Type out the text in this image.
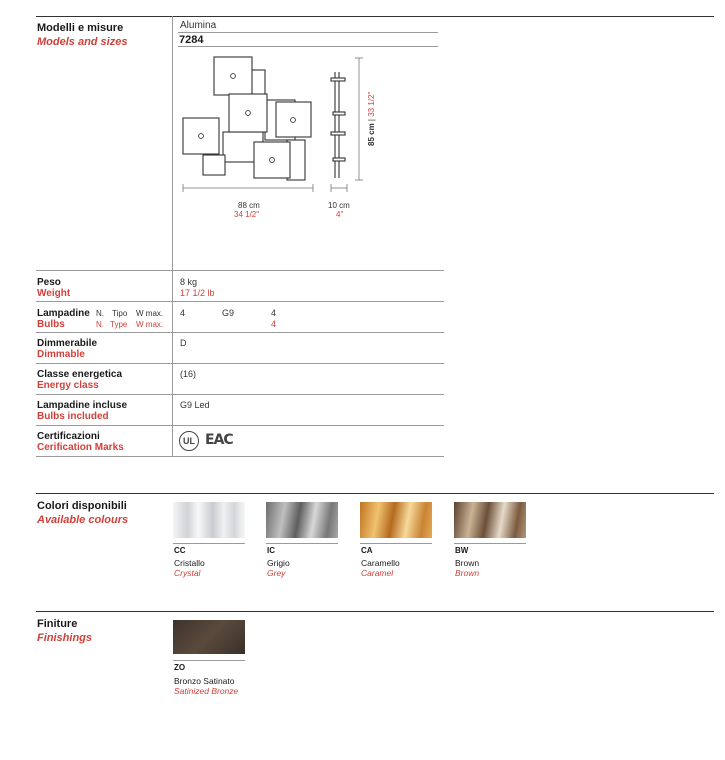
Modelli e misure
Models and sizes
Alumina
7284
88 cm
34 1/2"
10 cm
4"
85 cm | 33 1/2"
Peso
Weight
8 kg
17 1/2 lb
Lampadine
Bulbs
N. Tipo W max.
N. Type W max.
4	G9	4
4
Dimmerabile
Dimmable
D
Classe energetica
Energy class
(16)
Lampadine incluse
Bulbs included
G9 Led
Certificazioni
Cerification Marks
UL EAC
Colori disponibili
Available colours
CC
Cristallo
Crystal
IC
Grigio
Grey
CA
Caramello
Caramel
BW
Brown
Brown
Finiture
Finishings
ZO
Bronzo Satinato
Satinized Bronze
